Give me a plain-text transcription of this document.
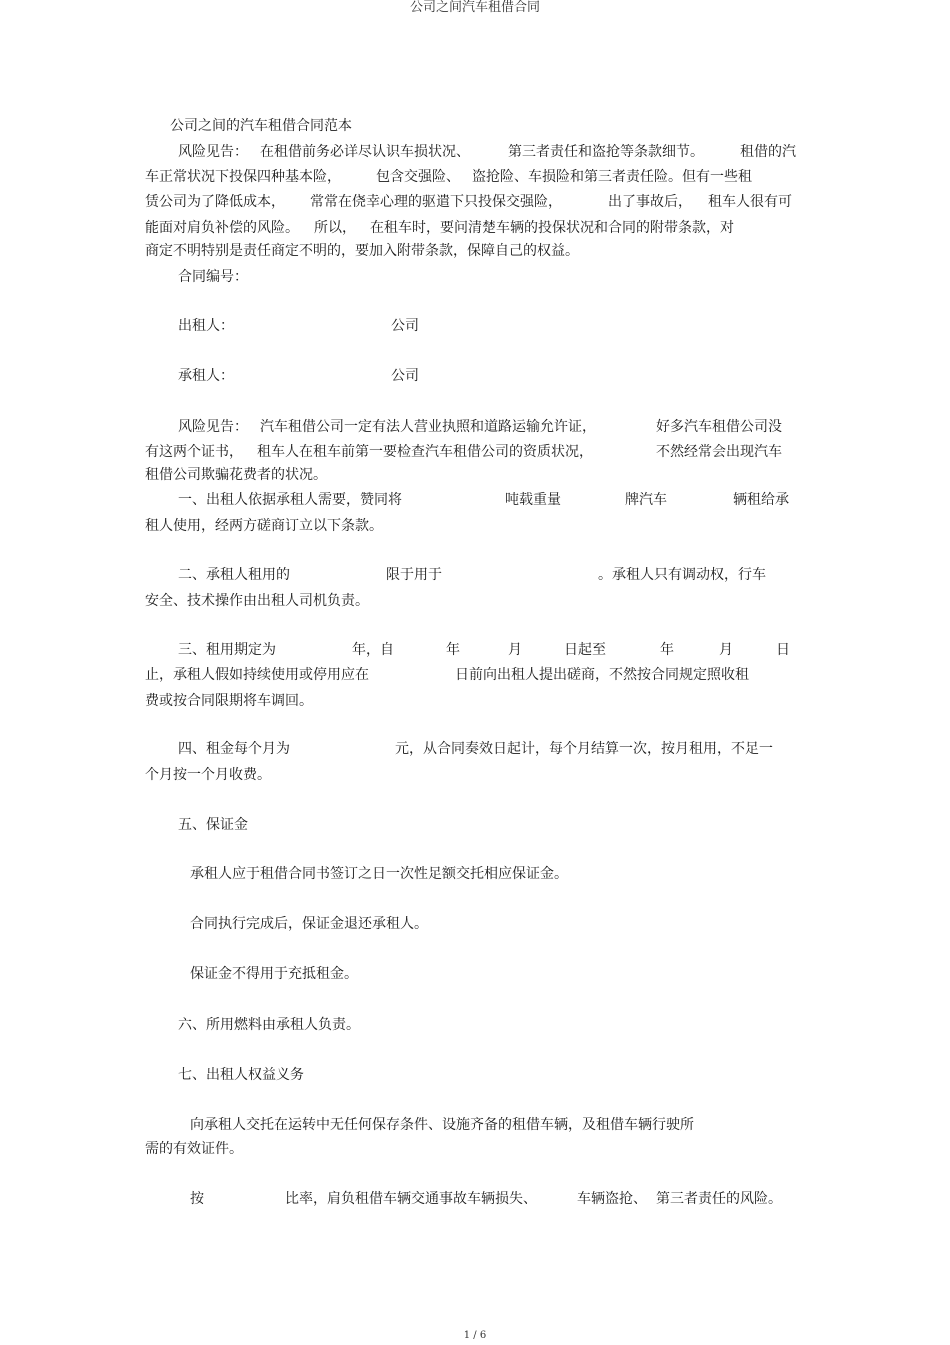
公司之间汽车租借合同
公司之间的汽车租借合同范本
风险见告： 在租借前务必详尽认识车损状况、	第三者责任和盗抢等条款细节。	租借的汽
车正常状况下投保四种基本险，	包含交强险、 盗抢险、车损险和第三者责任险。但有一些租
赁公司为了降低成本， 常常在侥幸心理的驱遣下只投保交强险，	出了事故后， 租车人很有可
能面对肩负补偿的风险。 所以， 在租车时，要问清楚车辆的投保状况和合同的附带条款，对
商定不明特别是责任商定不明的，要加入附带条款，保障自己的权益。
合同编号：
出租人：	公司
承租人：	公司
风险见告： 汽车租借公司一定有法人营业执照和道路运输允许证，	好多汽车租借公司没
有这两个证书， 租车人在租车前第一要检查汽车租借公司的资质状况，	不然经常会出现汽车
租借公司欺骗花费者的状况。
一、出租人依据承租人需要，赞同将	吨载重量	牌汽车	辆租给承
租人使用，经两方磋商订立以下条款。
二、承租人租用的	限于用于	。承租人只有调动权，行车
安全、技术操作由出租人司机负责。
三、租用期定为	年，自	年	月	日起至	年	月	日
止，承租人假如持续使用或停用应在	日前向出租人提出磋商，不然按合同规定照收租
费或按合同限期将车调回。
四、租金每个月为	元，从合同奏效日起计，每个月结算一次，按月租用，不足一
个月按一个月收费。
五、保证金
承租人应于租借合同书签订之日一次性足额交托相应保证金。
合同执行完成后，保证金退还承租人。
保证金不得用于充抵租金。
六、所用燃料由承租人负责。
七、出租人权益义务
向承租人交托在运转中无任何保存条件、设施齐备的租借车辆，及租借车辆行驶所
需的有效证件。
按	比率，肩负租借车辆交通事故车辆损失、	车辆盗抢、 第三者责任的风险。
1 / 6
